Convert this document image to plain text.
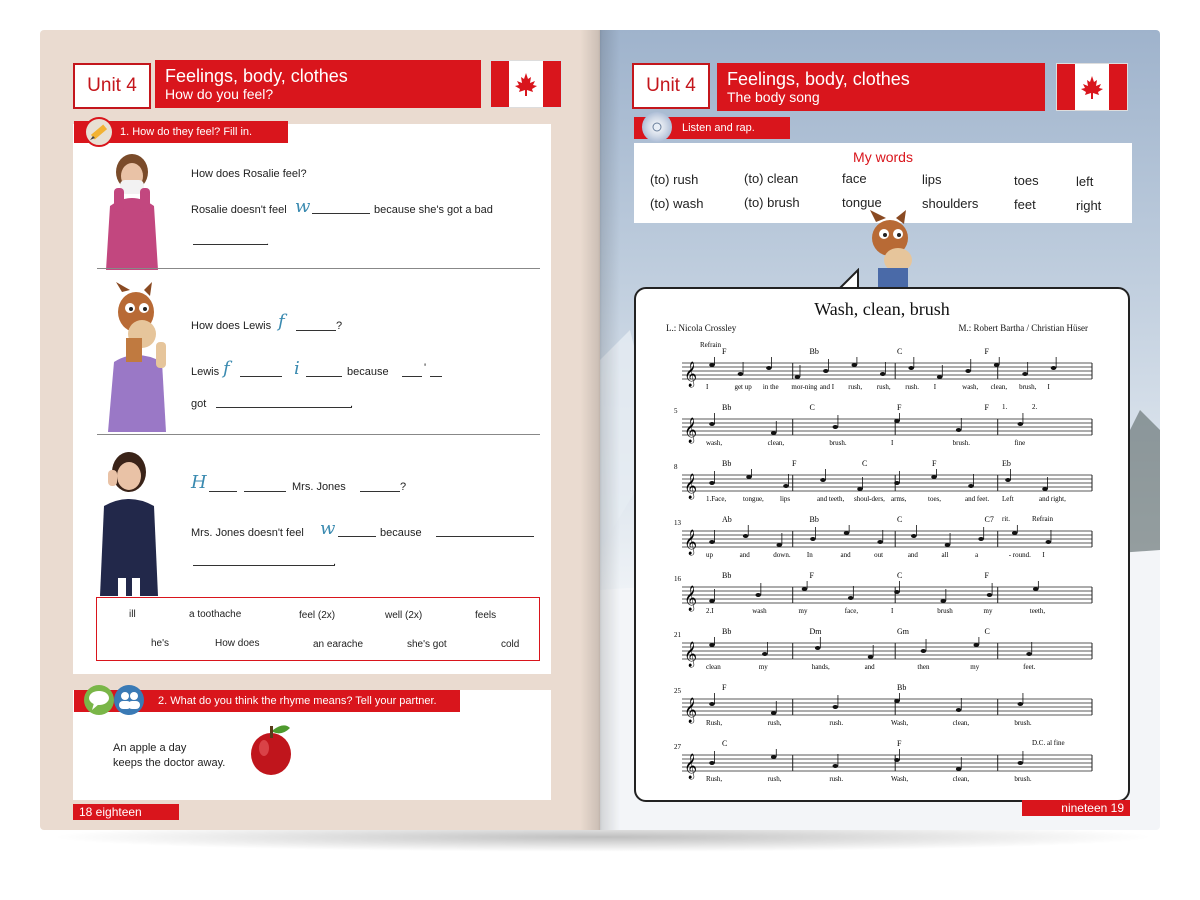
Unit 4	Feelings, body, clothes
How do you feel?
1. How do they feel? Fill in.
How does Rosalie feel?
Rosalie doesn't feel w	because she's got a bad
.
How does Lewis f	?
Lewis f	i	because	'
got	.
H	Mrs. Jones	?
Mrs. Jones doesn't feel w	because
.
ill	a toothache	feel (2x)	well (2x)	feels
he's	How does	an earache	she's got	cold
2. What do you think the rhyme means? Tell your partner.
An apple a day
keeps the doctor away.
18 eighteen
Unit 4	Feelings, body, clothes
The body song
Listen and rap.
My words
(to) rush	(to) clean	face	lips	toes	left
(to) wash	(to) brush	tongue	shoulders	feet	right
Wash, clean, brush
L.: Nicola Crossley	M.: Robert Bartha / Christian Hüser
𝄞
F	Bb	C	F
Refrain
I	get up in the mor-ning and I rush, rush, rush. I	wash, clean, brush, I
𝄞
5	Bb	C	F	F 1.	2.
wash,	clean,	brush.	I	brush.	fine
𝄞
8	Bb	F	C	F	Eb
1.Face, tongue, lips	and teeth, shoul-ders, arms,	toes,	and feet. Left	and right,
𝄞
13	Ab	Bb	C	C7 rit.	Refrain
up	and	down. In	and	out	and	all	a	- round. I
𝄞
16	Bb	F	C	F
2.I	wash	my	face,	I	brush	my	teeth,
𝄞
21	Bb	Dm	Gm	C
clean	my	hands,	and	then	my	feet.
𝄞
25	F	Bb
Rush,	rush,	rush.	Wash,	clean,	brush.
𝄞
27	C	F	D.C. al fine
Rush,	rush,	rush.	Wash,	clean,	brush.
nineteen 19
